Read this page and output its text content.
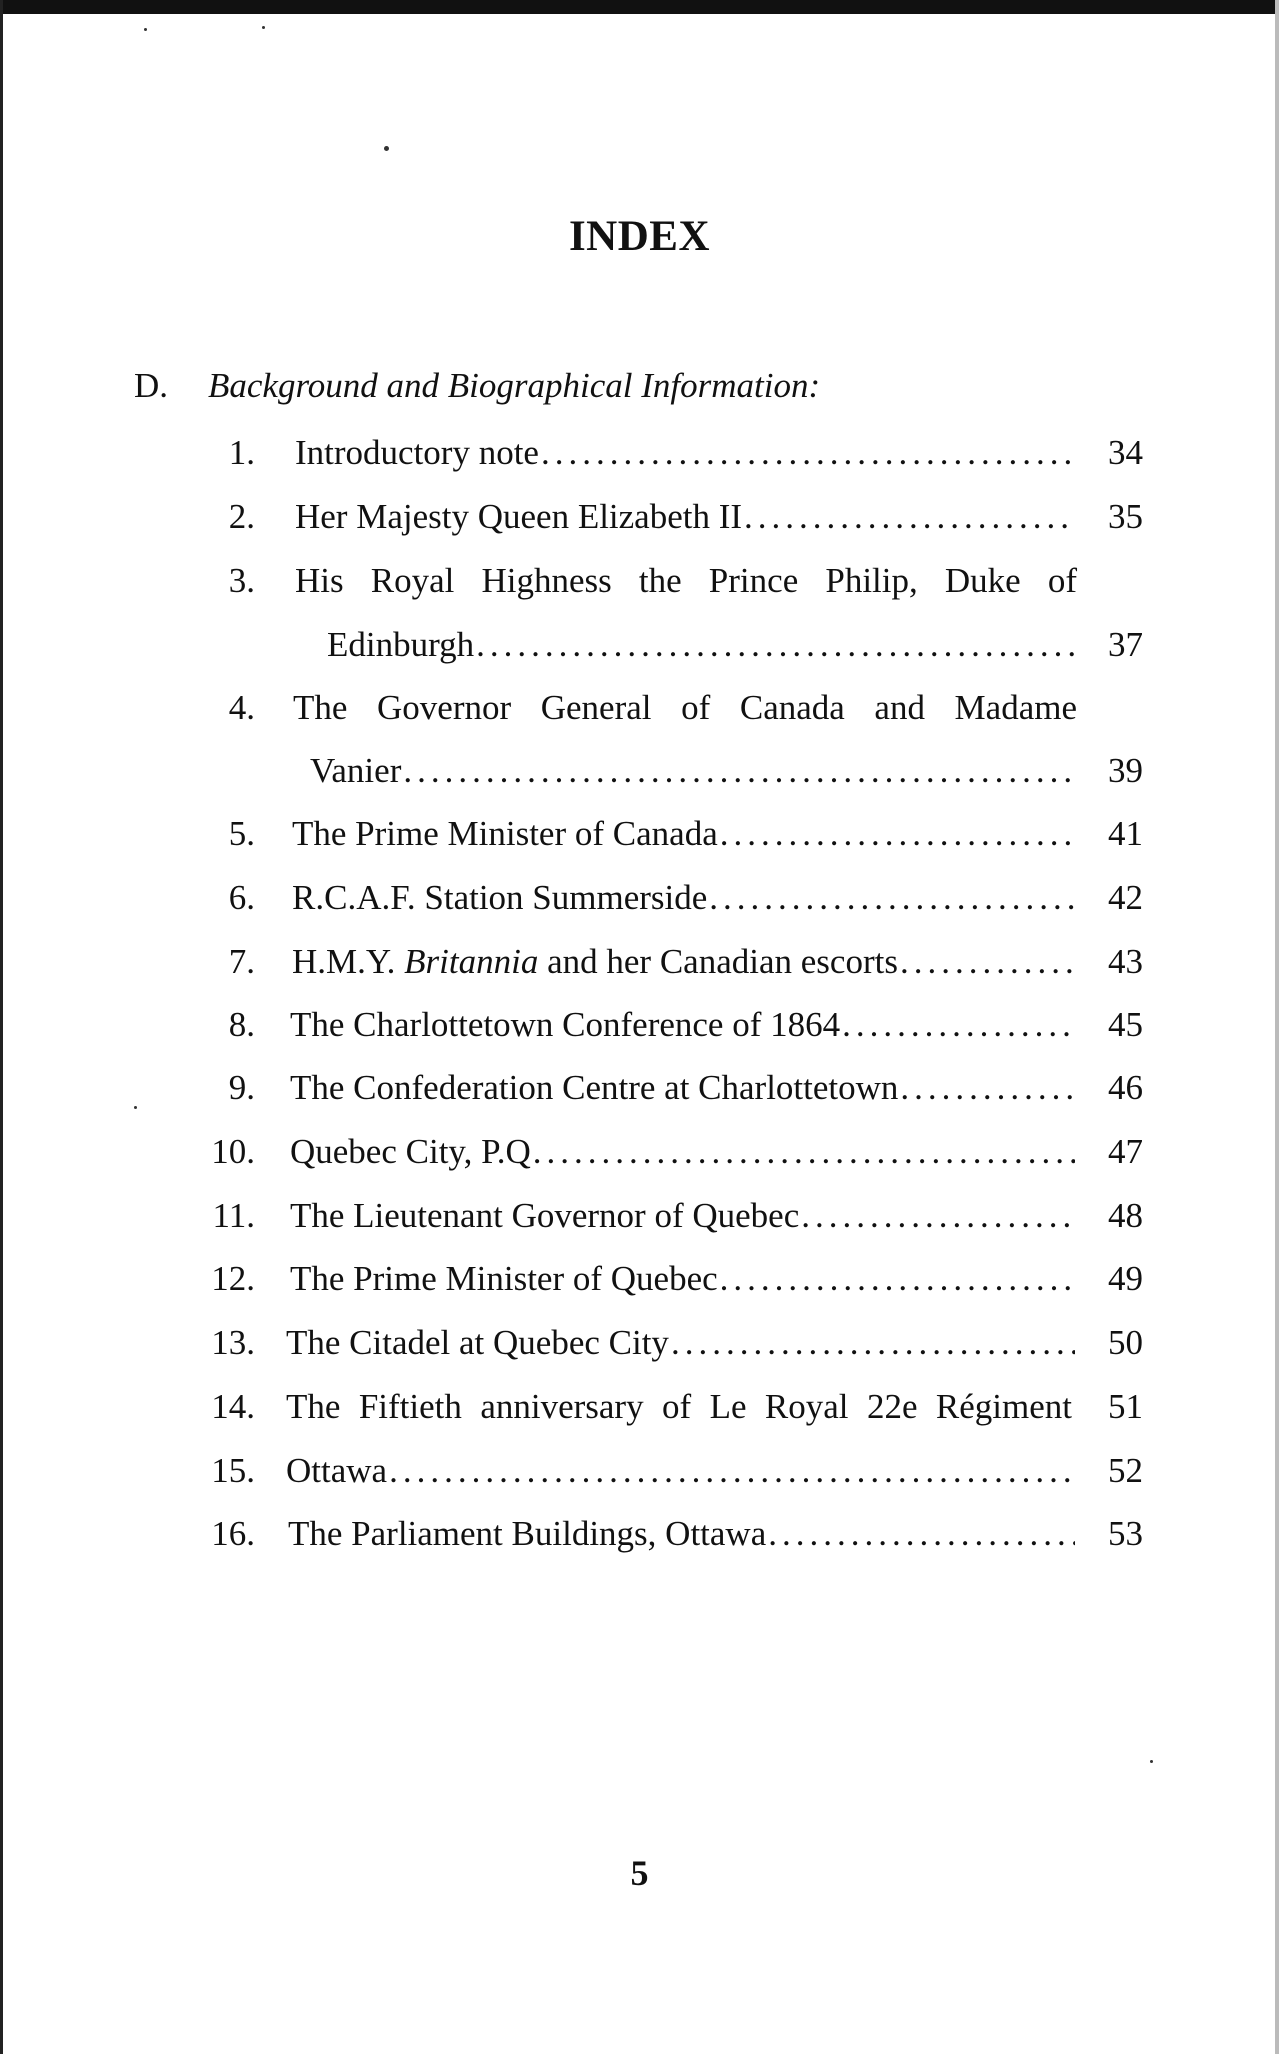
INDEX
D. Background and Biographical Information:
1. Introductory note .....	34
2. Her Majesty Queen Elizabeth II .....	35
3. His Royal Highness the Prince Philip, Duke of
Edinburgh .....	37
4. The Governor General of Canada and Madame
Vanier .....	39
5. The Prime Minister of Canada .....	41
6. R.C.A.F. Station Summerside .....	42
7. H.M.Y. Britannia and her Canadian escorts .....	43
8. The Charlottetown Conference of 1864 .....	45
9. The Confederation Centre at Charlottetown .....	46
10. Quebec City, P.Q .....	47
11. The Lieutenant Governor of Quebec .....	48
12. The Prime Minister of Quebec .....	49
13. The Citadel at Quebec City .....	50
14. The Fiftieth anniversary of Le Royal 22e Régiment 51
15. Ottawa .....	52
16. The Parliament Buildings, Ottawa .....	53
5
